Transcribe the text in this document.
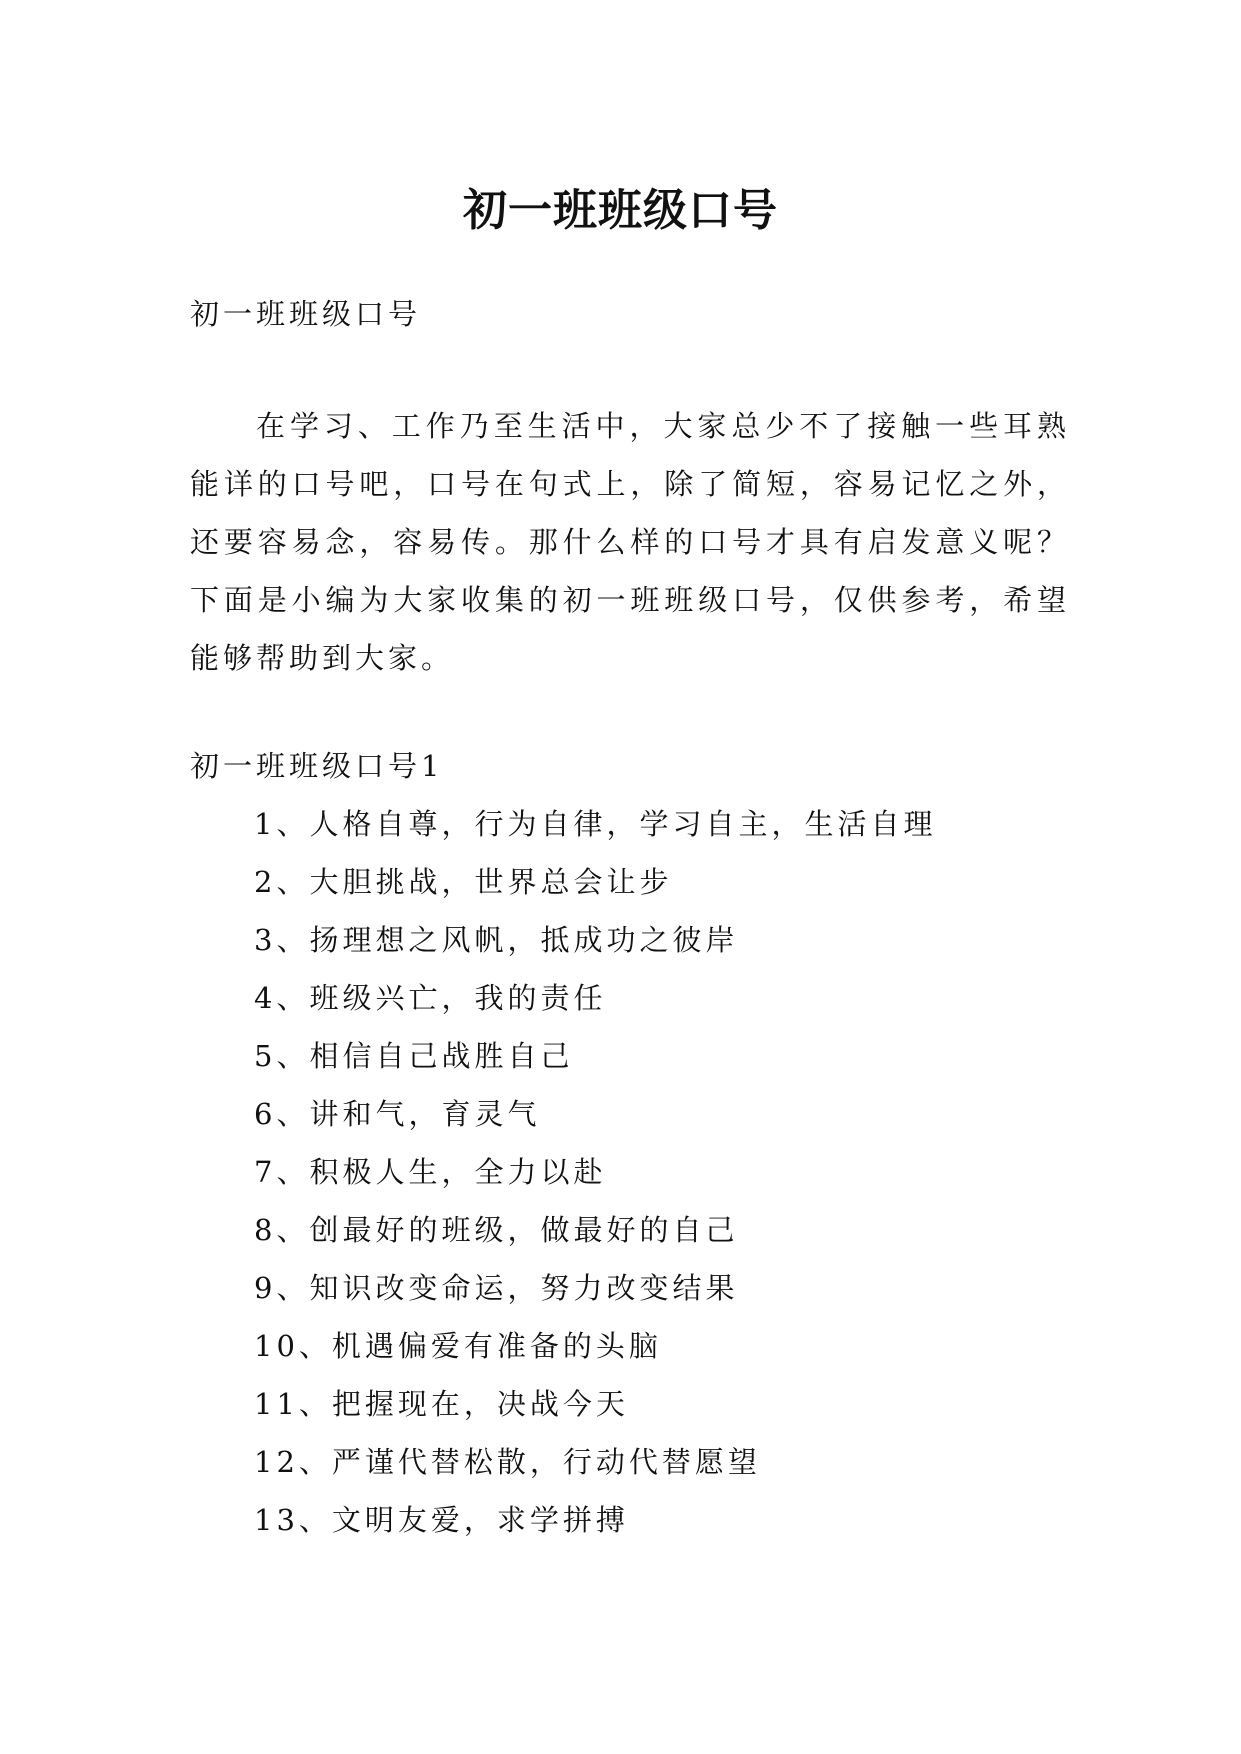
初一班班级口号

初一班班级口号

在学习、工作乃至生活中，大家总少不了接触一些耳熟能详的口号吧，口号在句式上，除了简短，容易记忆之外，还要容易念，容易传。那什么样的口号才具有启发意义呢？下面是小编为大家收集的初一班班级口号，仅供参考，希望能够帮助到大家。

初一班班级口号1

1、人格自尊，行为自律，学习自主，生活自理
2、大胆挑战，世界总会让步
3、扬理想之风帆，抵成功之彼岸
4、班级兴亡，我的责任
5、相信自己战胜自己
6、讲和气，育灵气
7、积极人生，全力以赴
8、创最好的班级，做最好的自己
9、知识改变命运，努力改变结果
10、机遇偏爱有准备的头脑
11、把握现在，决战今天
12、严谨代替松散，行动代替愿望
13、文明友爱，求学拼搏
